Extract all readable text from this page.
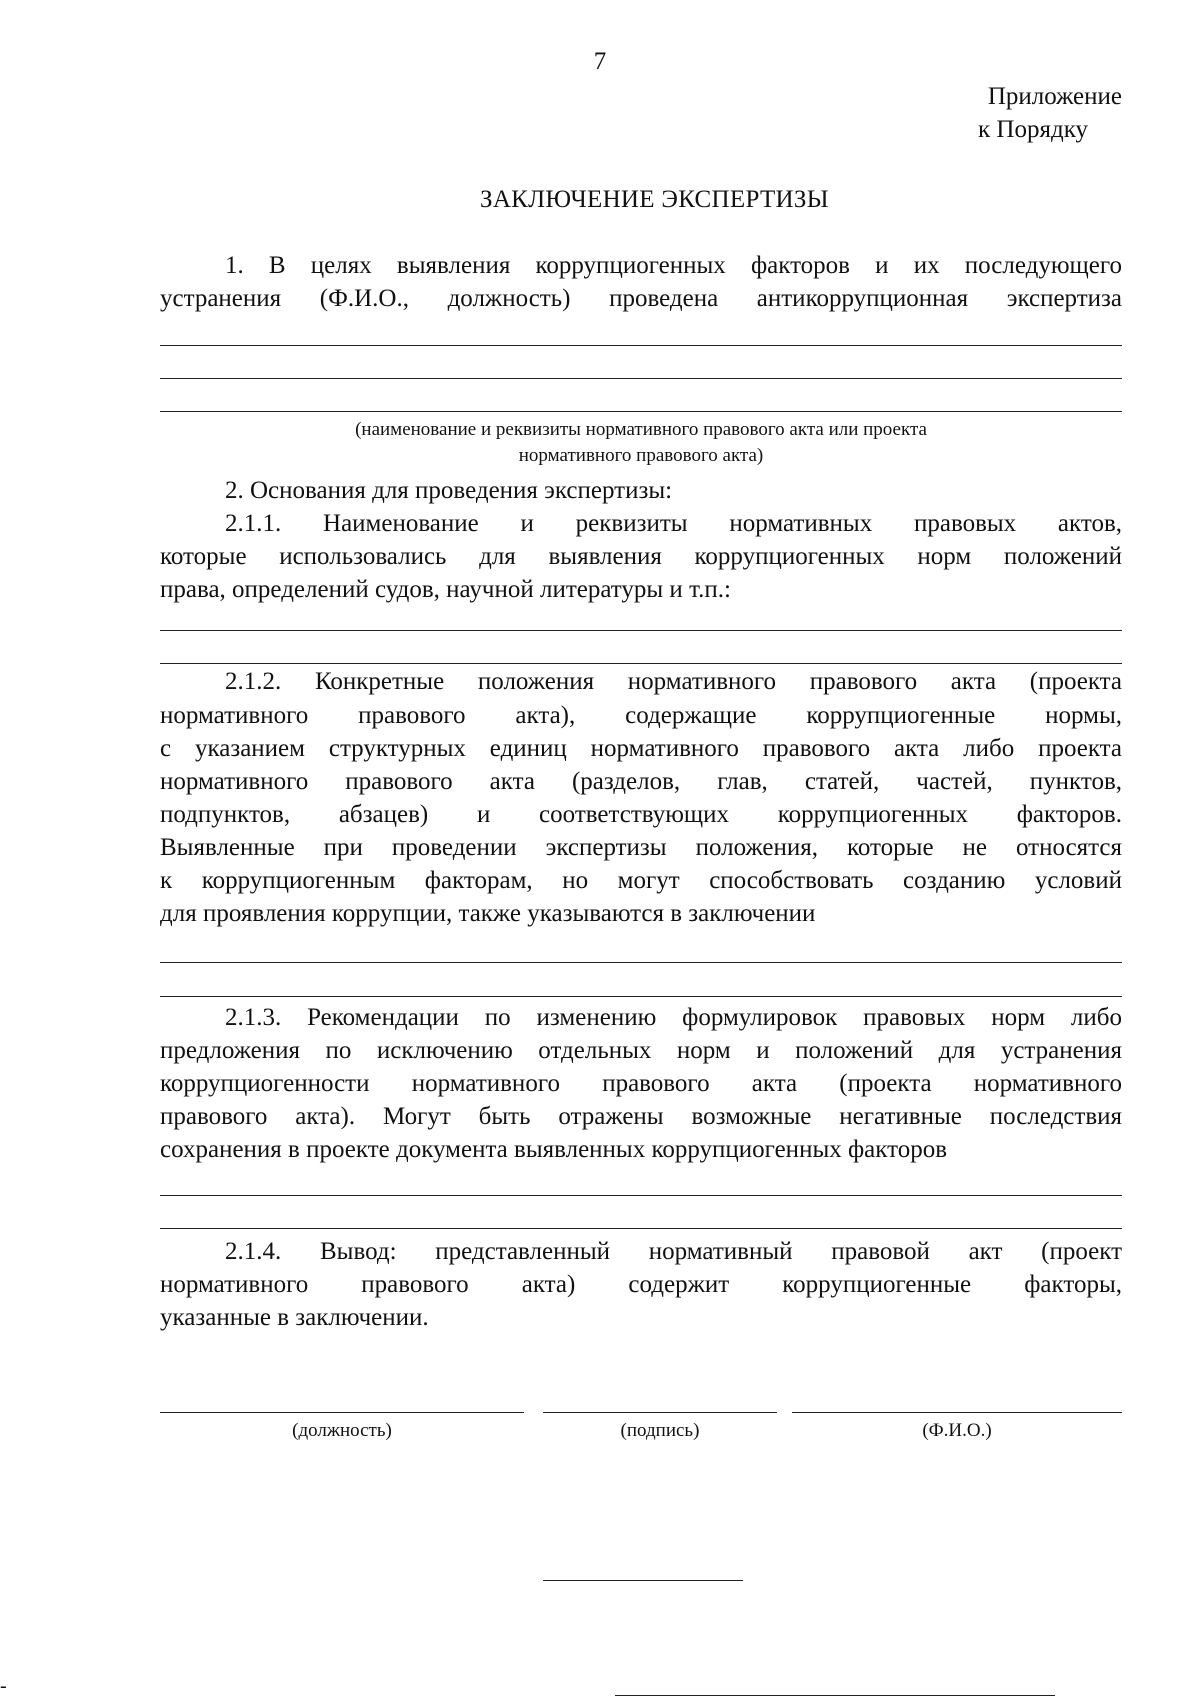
7
Приложение
к Порядку
ЗАКЛЮЧЕНИЕ ЭКСПЕРТИЗЫ
1. В целях выявления коррупциогенных факторов и их последующего
устранения (Ф.И.О., должность) проведена антикоррупционная экспертиза
(наименование и реквизиты нормативного правового акта или проекта
нормативного правового акта)
2. Основания для проведения экспертизы:
2.1.1. Наименование и реквизиты нормативных правовых актов,
которые использовались для выявления коррупциогенных норм положений
права, определений судов, научной литературы и т.п.:
2.1.2. Конкретные положения нормативного правового акта (проекта
нормативного правового акта), содержащие коррупциогенные нормы,
с указанием структурных единиц нормативного правового акта либо проекта
нормативного правового акта (разделов, глав, статей, частей, пунктов,
подпунктов, абзацев) и соответствующих коррупциогенных факторов.
Выявленные при проведении экспертизы положения, которые не относятся
к коррупциогенным факторам, но могут способствовать созданию условий
для проявления коррупции, также указываются в заключении
2.1.3. Рекомендации по изменению формулировок правовых норм либо
предложения по исключению отдельных норм и положений для устранения
коррупциогенности нормативного правового акта (проекта нормативного
правового акта). Могут быть отражены возможные негативные последствия
сохранения в проекте документа выявленных коррупциогенных факторов
2.1.4. Вывод: представленный нормативный правовой акт (проект
нормативного правового акта) содержит коррупциогенные факторы,
указанные в заключении.
(должность)	(подпись)	(Ф.И.О.)
-
